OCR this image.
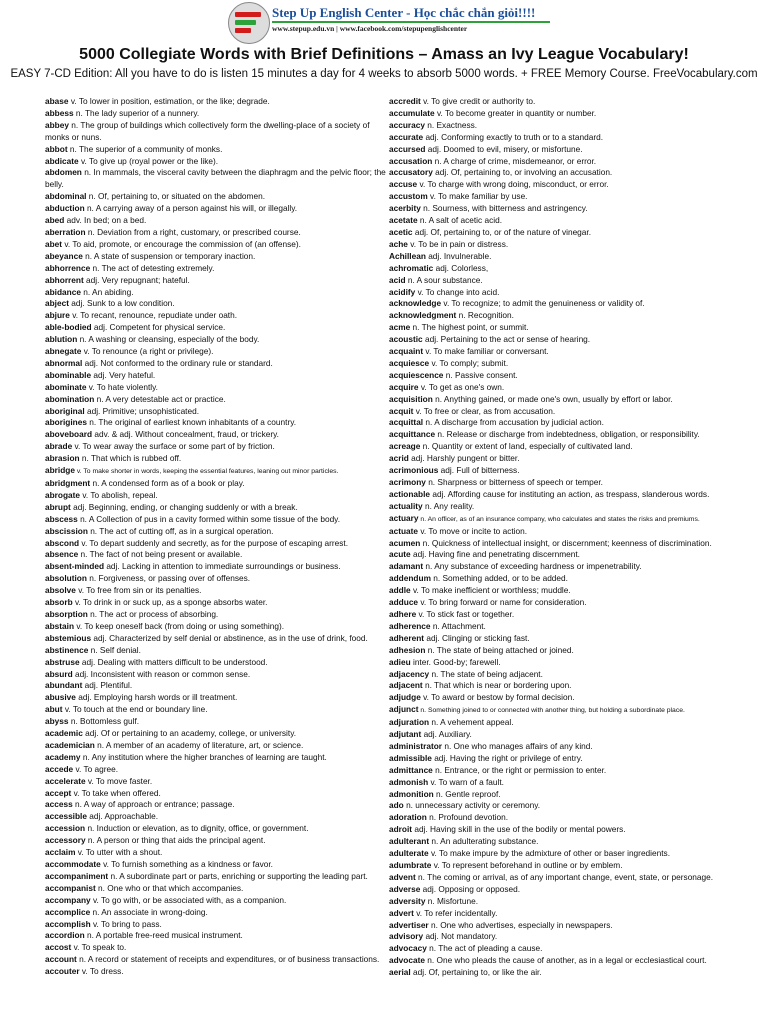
Step Up English Center - Học chắc chắn giỏi!!!!
www.stepup.edu.vn | www.facebook.com/stepupenglishcenter
5000 Collegiate Words with Brief Definitions – Amass an Ivy League Vocabulary!
EASY 7-CD Edition: All you have to do is listen 15 minutes a day for 4 weeks to absorb 5000 words. + FREE Memory Course. FreeVocabulary.com
abase v. To lower in position, estimation, or the like; degrade.
abbess n. The lady superior of a nunnery.
abbey n. The group of buildings which collectively form the dwelling-place of a society of monks or nuns.
abbot n. The superior of a community of monks.
abdicate v. To give up (royal power or the like).
abdomen n. In mammals, the visceral cavity between the diaphragm and the pelvic floor; the belly.
abdominal n. Of, pertaining to, or situated on the abdomen.
abduction n. A carrying away of a person against his will, or illegally.
abed adv. In bed; on a bed.
aberration n. Deviation from a right, customary, or prescribed course.
abet v. To aid, promote, or encourage the commission of (an offense).
abeyance n. A state of suspension or temporary inaction.
abhorrence n. The act of detesting extremely.
abhorrent adj. Very repugnant; hateful.
abidance n. An abiding.
abject adj. Sunk to a low condition.
abjure v. To recant, renounce, repudiate under oath.
able-bodied adj. Competent for physical service.
ablution n. A washing or cleansing, especially of the body.
abnegate v. To renounce (a right or privilege).
abnormal adj. Not conformed to the ordinary rule or standard.
abominable adj. Very hateful.
abominate v. To hate violently.
abomination n. A very detestable act or practice.
aboriginal adj. Primitive; unsophisticated.
aborigines n. The original of earliest known inhabitants of a country.
aboveboard adv. & adj. Without concealment, fraud, or trickery.
abrade v. To wear away the surface or some part of by friction.
abrasion n. That which is rubbed off.
abridge v. To make shorter in words, keeping the essential features, leaning out minor particles.
abridgment n. A condensed form as of a book or play.
abrogate v. To abolish, repeal.
abrupt adj. Beginning, ending, or changing suddenly or with a break.
abscess n. A Collection of pus in a cavity formed within some tissue of the body.
abscission n. The act of cutting off, as in a surgical operation.
abscond v. To depart suddenly and secretly, as for the purpose of escaping arrest.
absence n. The fact of not being present or available.
absent-minded adj. Lacking in attention to immediate surroundings or business.
absolution n. Forgiveness, or passing over of offenses.
absolve v. To free from sin or its penalties.
absorb v. To drink in or suck up, as a sponge absorbs water.
absorption n. The act or process of absorbing.
abstain v. To keep oneself back (from doing or using something).
abstemious adj. Characterized by self denial or abstinence, as in the use of drink, food.
abstinence n. Self denial.
abstruse adj. Dealing with matters difficult to be understood.
absurd adj. Inconsistent with reason or common sense.
abundant adj. Plentiful.
abusive adj. Employing harsh words or ill treatment.
abut v. To touch at the end or boundary line.
abyss n. Bottomless gulf.
academic adj. Of or pertaining to an academy, college, or university.
academician n. A member of an academy of literature, art, or science.
academy n. Any institution where the higher branches of learning are taught.
accede v. To agree.
accelerate v. To move faster.
accept v. To take when offered.
access n. A way of approach or entrance; passage.
accessible adj. Approachable.
accession n. Induction or elevation, as to dignity, office, or government.
accessory n. A person or thing that aids the principal agent.
acclaim v. To utter with a shout.
accommodate v. To furnish something as a kindness or favor.
accompaniment n. A subordinate part or parts, enriching or supporting the leading part.
accompanist n. One who or that which accompanies.
accompany v. To go with, or be associated with, as a companion.
accomplice n. An associate in wrong-doing.
accomplish v. To bring to pass.
accordion n. A portable free-reed musical instrument.
accost v. To speak to.
account n. A record or statement of receipts and expenditures, or of business transactions.
accouter v. To dress.
accredit v. To give credit or authority to.
accumulate v. To become greater in quantity or number.
accuracy n. Exactness.
accurate adj. Conforming exactly to truth or to a standard.
accursed adj. Doomed to evil, misery, or misfortune.
accusation n. A charge of crime, misdemeanor, or error.
accusatory adj. Of, pertaining to, or involving an accusation.
accuse v. To charge with wrong doing, misconduct, or error.
accustom v. To make familiar by use.
acerbity n. Sourness, with bitterness and astringency.
acetate n. A salt of acetic acid.
acetic adj. Of, pertaining to, or of the nature of vinegar.
ache v. To be in pain or distress.
Achillean adj. Invulnerable.
achromatic adj. Colorless,
acid n. A sour substance.
acidify v. To change into acid.
acknowledge v. To recognize; to admit the genuineness or validity of.
acknowledgment n. Recognition.
acme n. The highest point, or summit.
acoustic adj. Pertaining to the act or sense of hearing.
acquaint v. To make familiar or conversant.
acquiesce v. To comply; submit.
acquiescence n. Passive consent.
acquire v. To get as one's own.
acquisition n. Anything gained, or made one's own, usually by effort or labor.
acquit v. To free or clear, as from accusation.
acquittal n. A discharge from accusation by judicial action.
acquittance n. Release or discharge from indebtedness, obligation, or responsibility.
acreage n. Quantity or extent of land, especially of cultivated land.
acrid adj. Harshly pungent or bitter.
acrimonious adj. Full of bitterness.
acrimony n. Sharpness or bitterness of speech or temper.
actionable adj. Affording cause for instituting an action, as trespass, slanderous words.
actuality n. Any reality.
actuary n. An officer, as of an insurance company, who calculates and states the risks and premiums.
actuate v. To move or incite to action.
acumen n. Quickness of intellectual insight, or discernment; keenness of discrimination.
acute adj. Having fine and penetrating discernment.
adamant n. Any substance of exceeding hardness or impenetrability.
addendum n. Something added, or to be added.
addle v. To make inefficient or worthless; muddle.
adduce v. To bring forward or name for consideration.
adhere v. To stick fast or together.
adherence n. Attachment.
adherent adj. Clinging or sticking fast.
adhesion n. The state of being attached or joined.
adieu inter. Good-by; farewell.
adjacency n. The state of being adjacent.
adjacent n. That which is near or bordering upon.
adjudge v. To award or bestow by formal decision.
adjunct n. Something joined to or connected with another thing, but holding a subordinate place.
adjuration n. A vehement appeal.
adjutant adj. Auxiliary.
administrator n. One who manages affairs of any kind.
admissible adj. Having the right or privilege of entry.
admittance n. Entrance, or the right or permission to enter.
admonish v. To warn of a fault.
admonition n. Gentle reproof.
ado n. unnecessary activity or ceremony.
adoration n. Profound devotion.
adroit adj. Having skill in the use of the bodily or mental powers.
adulterant n. An adulterating substance.
adulterate v. To make impure by the admixture of other or baser ingredients.
adumbrate v. To represent beforehand in outline or by emblem.
advent n. The coming or arrival, as of any important change, event, state, or personage.
adverse adj. Opposing or opposed.
adversity n. Misfortune.
advert v. To refer incidentally.
advertiser n. One who advertises, especially in newspapers.
advisory adj. Not mandatory.
advocacy n. The act of pleading a cause.
advocate n. One who pleads the cause of another, as in a legal or ecclesiastical court.
aerial adj. Of, pertaining to, or like the air.
